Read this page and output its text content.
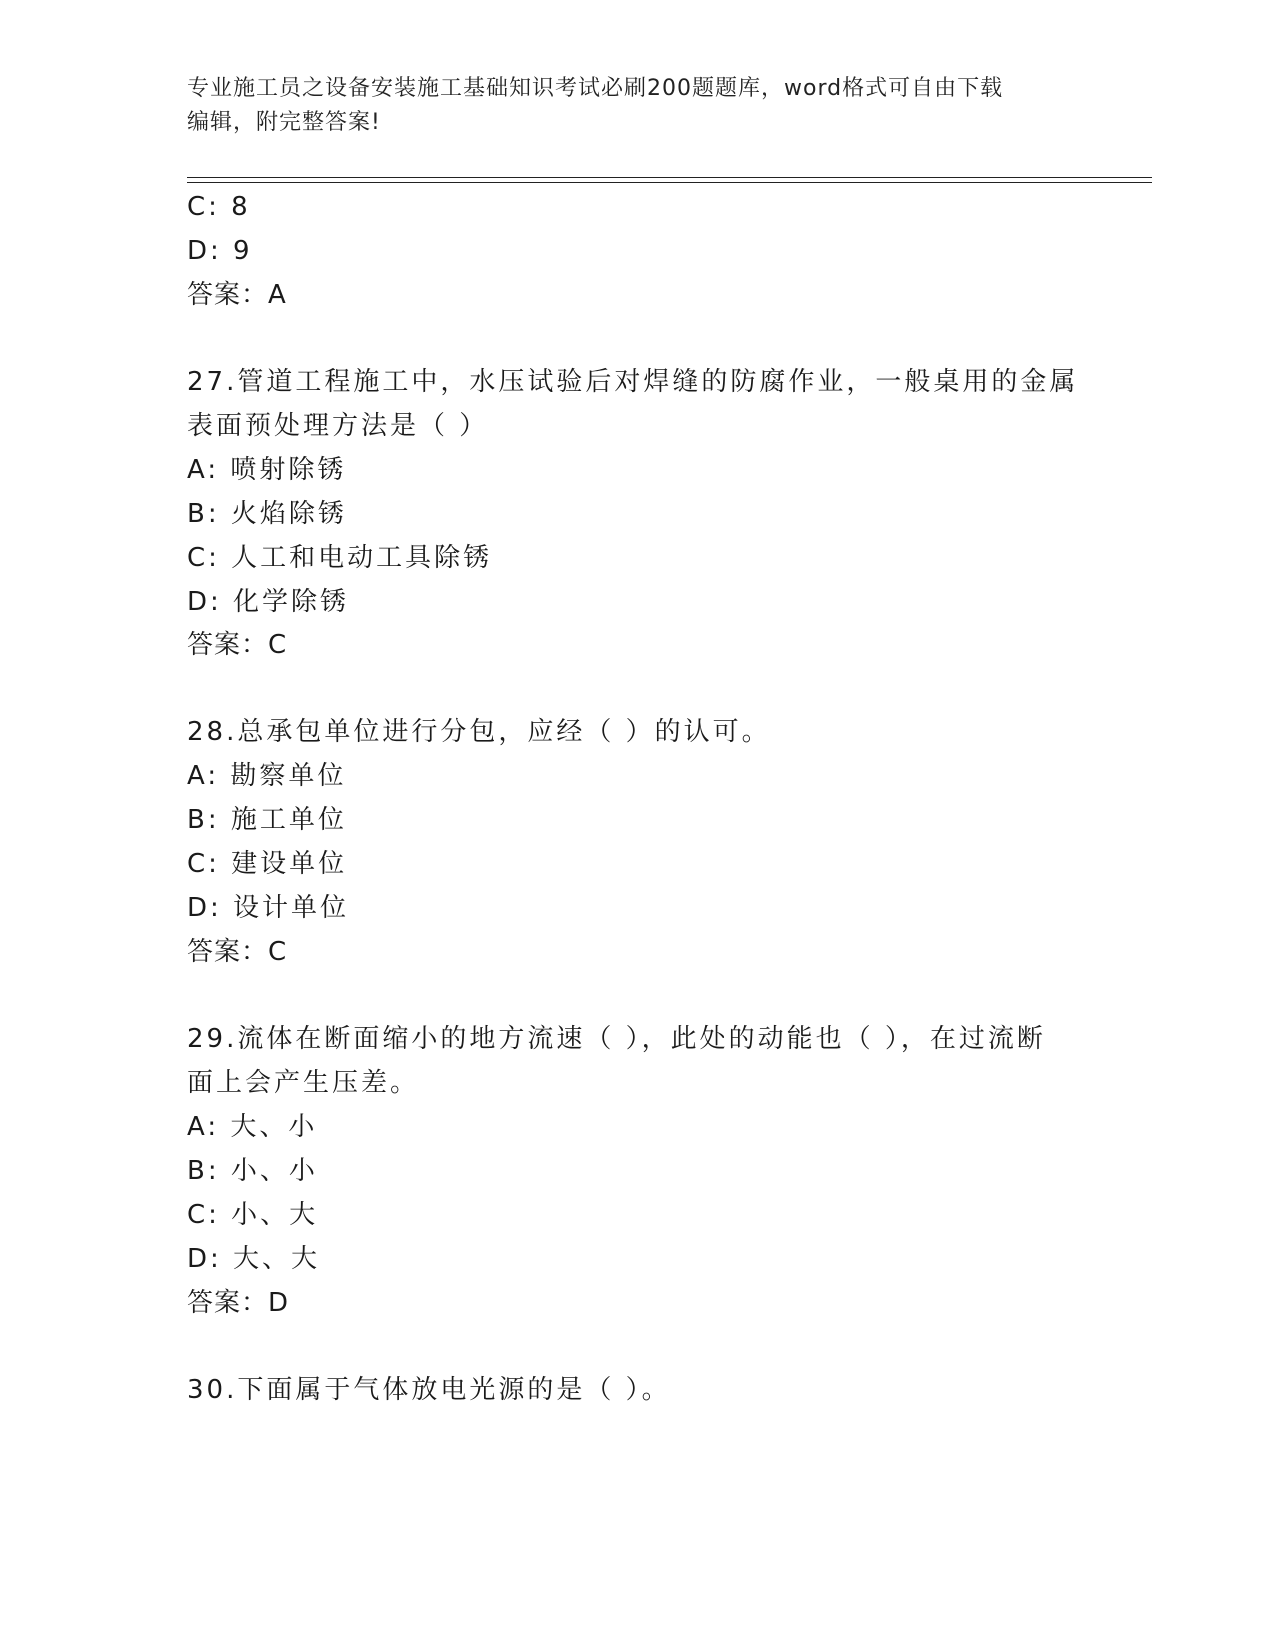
专业施工员之设备安装施工基础知识考试必刷200题题库，word格式可自由下载
编辑，附完整答案!
C: 8
D: 9
答案：A
27.管道工程施工中，水压试验后对焊缝的防腐作业，一般桌用的金属
表面预处理方法是（ ）
A: 喷射除锈
B: 火焰除锈
C: 人工和电动工具除锈
D: 化学除锈
答案：C
28.总承包单位进行分包，应经（ ）的认可。
A: 勘察单位
B: 施工单位
C: 建设单位
D: 设计单位
答案：C
29.流体在断面缩小的地方流速（ ），此处的动能也（ ），在过流断
面上会产生压差。
A: 大、小
B: 小、小
C: 小、大
D: 大、大
答案：D
30.下面属于气体放电光源的是（ ）。
